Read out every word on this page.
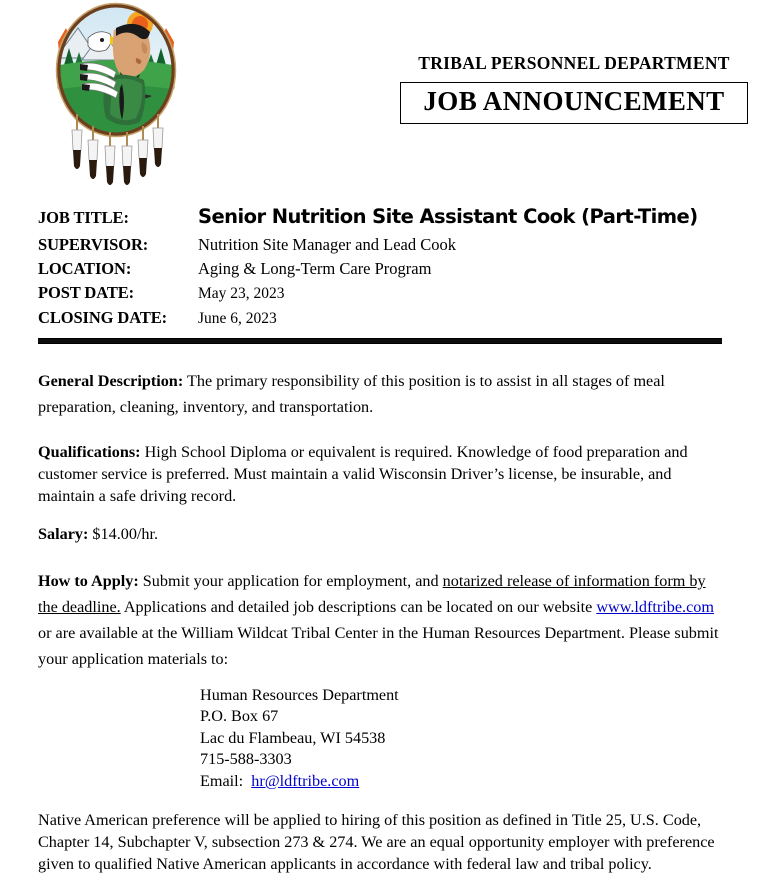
TRIBAL PERSONNEL DEPARTMENT
JOB ANNOUNCEMENT
JOB TITLE:	Senior Nutrition Site Assistant Cook (Part-Time)
SUPERVISOR:	Nutrition Site Manager and Lead Cook
LOCATION:	Aging & Long-Term Care Program
POST DATE:	May 23, 2023
CLOSING DATE:	June 6, 2023

General Description: The primary responsibility of this position is to assist in all stages of meal preparation, cleaning, inventory, and transportation.

Qualifications: High School Diploma or equivalent is required. Knowledge of food preparation and customer service is preferred. Must maintain a valid Wisconsin Driver’s license, be insurable, and maintain a safe driving record.

Salary: $14.00/hr.

How to Apply: Submit your application for employment, and notarized release of information form by the deadline. Applications and detailed job descriptions can be located on our website www.ldftribe.com or are available at the William Wildcat Tribal Center in the Human Resources Department. Please submit your application materials to:

Human Resources Department
P.O. Box 67
Lac du Flambeau, WI 54538
715-588-3303
Email: hr@ldftribe.com

Native American preference will be applied to hiring of this position as defined in Title 25, U.S. Code, Chapter 14, Subchapter V, subsection 273 & 274. We are an equal opportunity employer with preference given to qualified Native American applicants in accordance with federal law and tribal policy.
